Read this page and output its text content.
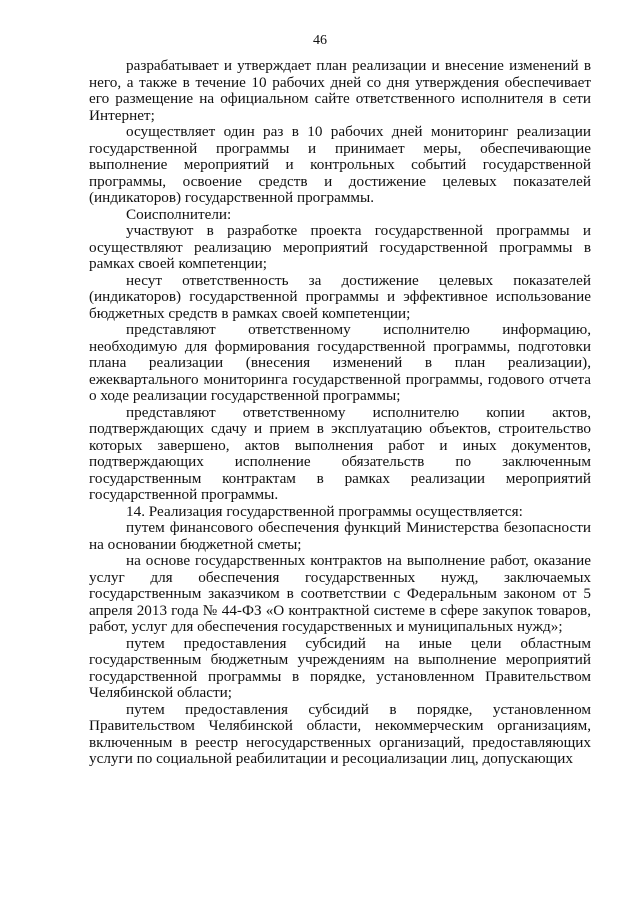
46

разрабатывает и утверждает план реализации и внесение изменений в него, а также в течение 10 рабочих дней со дня утверждения обеспечивает его размещение на официальном сайте ответственного исполнителя в сети Интернет;

осуществляет один раз в 10 рабочих дней мониторинг реализации государственной программы и принимает меры, обеспечивающие выполнение мероприятий и контрольных событий государственной программы, освоение средств и достижение целевых показателей (индикаторов) государственной программы.

Соисполнители:

участвуют в разработке проекта государственной программы и осуществляют реализацию мероприятий государственной программы в рамках своей компетенции;

несут ответственность за достижение целевых показателей (индикаторов) государственной программы и эффективное использование бюджетных средств в рамках своей компетенции;

представляют ответственному исполнителю информацию, необходимую для формирования государственной программы, подготовки плана реализации (внесения изменений в план реализации), ежеквартального мониторинга государственной программы, годового отчета о ходе реализации государственной программы;

представляют ответственному исполнителю копии актов, подтверждающих сдачу и прием в эксплуатацию объектов, строительство которых завершено, актов выполнения работ и иных документов, подтверждающих исполнение обязательств по заключенным государственным контрактам в рамках реализации мероприятий государственной программы.

14. Реализация государственной программы осуществляется:

путем финансового обеспечения функций Министерства безопасности на основании бюджетной сметы;

на основе государственных контрактов на выполнение работ, оказание услуг для обеспечения государственных нужд, заключаемых государственным заказчиком в соответствии с Федеральным законом от 5 апреля 2013 года № 44-ФЗ «О контрактной системе в сфере закупок товаров, работ, услуг для обеспечения государственных и муниципальных нужд»;

путем предоставления субсидий на иные цели областным государственным бюджетным учреждениям на выполнение мероприятий государственной программы в порядке, установленном Правительством Челябинской области;

путем предоставления субсидий в порядке, установленном Правительством Челябинской области, некоммерческим организациям, включенным в реестр негосударственных организаций, предоставляющих услуги по социальной реабилитации и ресоциализации лиц, допускающих
